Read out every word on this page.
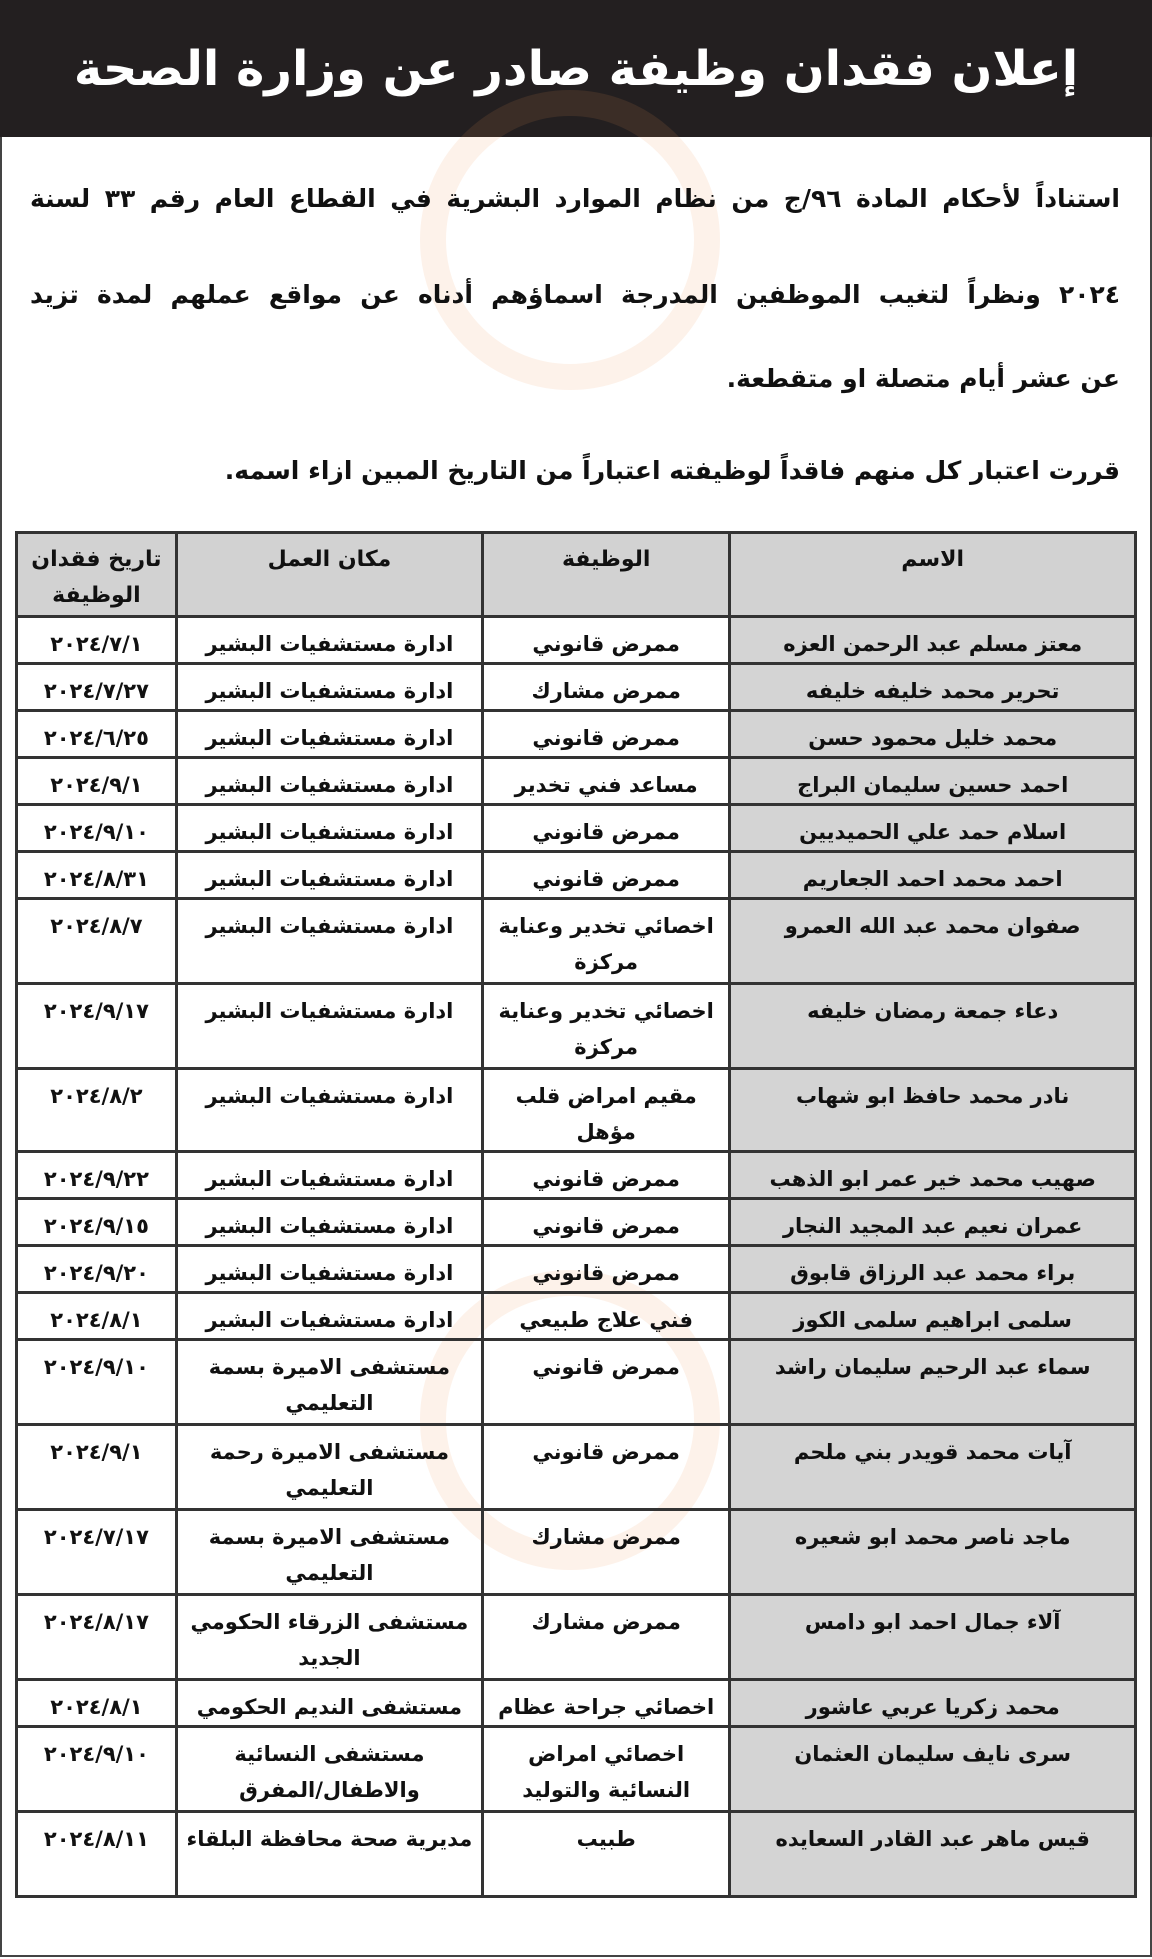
إعلان فقدان وظيفة صادر عن وزارة الصحة
استناداً لأحكام المادة ٩٦/ج من نظام الموارد البشرية في القطاع العام رقم ٣٣ لسنة
٢٠٢٤ ونظراً لتغيب الموظفين المدرجة اسماؤهم أدناه عن مواقع عملهم لمدة تزيد
عن عشر أيام متصلة او متقطعة.
قررت اعتبار كل منهم فاقداً لوظيفته اعتباراً من التاريخ المبين ازاء اسمه.
الاسم	الوظيفة	مكان العمل	تاريخ فقدان الوظيفة
معتز مسلم عبد الرحمن العزه	ممرض قانوني	ادارة مستشفيات البشير	٢٠٢٤/٧/١
تحرير محمد خليفه خليفه	ممرض مشارك	ادارة مستشفيات البشير	٢٠٢٤/٧/٢٧
محمد خليل محمود حسن	ممرض قانوني	ادارة مستشفيات البشير	٢٠٢٤/٦/٢٥
احمد حسين سليمان البراج	مساعد فني تخدير	ادارة مستشفيات البشير	٢٠٢٤/٩/١
اسلام حمد علي الحميديين	ممرض قانوني	ادارة مستشفيات البشير	٢٠٢٤/٩/١٠
احمد محمد احمد الجعاريم	ممرض قانوني	ادارة مستشفيات البشير	٢٠٢٤/٨/٣١
صفوان محمد عبد الله العمرو	اخصائي تخدير وعناية مركزة	ادارة مستشفيات البشير	٢٠٢٤/٨/٧
دعاء جمعة رمضان خليفه	اخصائي تخدير وعناية مركزة	ادارة مستشفيات البشير	٢٠٢٤/٩/١٧
نادر محمد حافظ ابو شهاب	مقيم امراض قلب مؤهل	ادارة مستشفيات البشير	٢٠٢٤/٨/٢
صهيب محمد خير عمر ابو الذهب	ممرض قانوني	ادارة مستشفيات البشير	٢٠٢٤/٩/٢٢
عمران نعيم عبد المجيد النجار	ممرض قانوني	ادارة مستشفيات البشير	٢٠٢٤/٩/١٥
براء محمد عبد الرزاق قابوق	ممرض قانوني	ادارة مستشفيات البشير	٢٠٢٤/٩/٢٠
سلمى ابراهيم سلمى الكوز	فني علاج طبيعي	ادارة مستشفيات البشير	٢٠٢٤/٨/١
سماء عبد الرحيم سليمان راشد	ممرض قانوني	مستشفى الاميرة بسمة التعليمي	٢٠٢٤/٩/١٠
آيات محمد قويدر بني ملحم	ممرض قانوني	مستشفى الاميرة رحمة التعليمي	٢٠٢٤/٩/١
ماجد ناصر محمد ابو شعيره	ممرض مشارك	مستشفى الاميرة بسمة التعليمي	٢٠٢٤/٧/١٧
آلاء جمال احمد ابو دامس	ممرض مشارك	مستشفى الزرقاء الحكومي الجديد	٢٠٢٤/٨/١٧
محمد زكريا عربي عاشور	اخصائي جراحة عظام	مستشفى النديم الحكومي	٢٠٢٤/٨/١
سرى نايف سليمان العثمان	اخصائي امراض النسائية والتوليد	مستشفى النسائية والاطفال/المفرق	٢٠٢٤/٩/١٠
قيس ماهر عبد القادر السعايده	طبيب	مديرية صحة محافظة البلقاء	٢٠٢٤/٨/١١
